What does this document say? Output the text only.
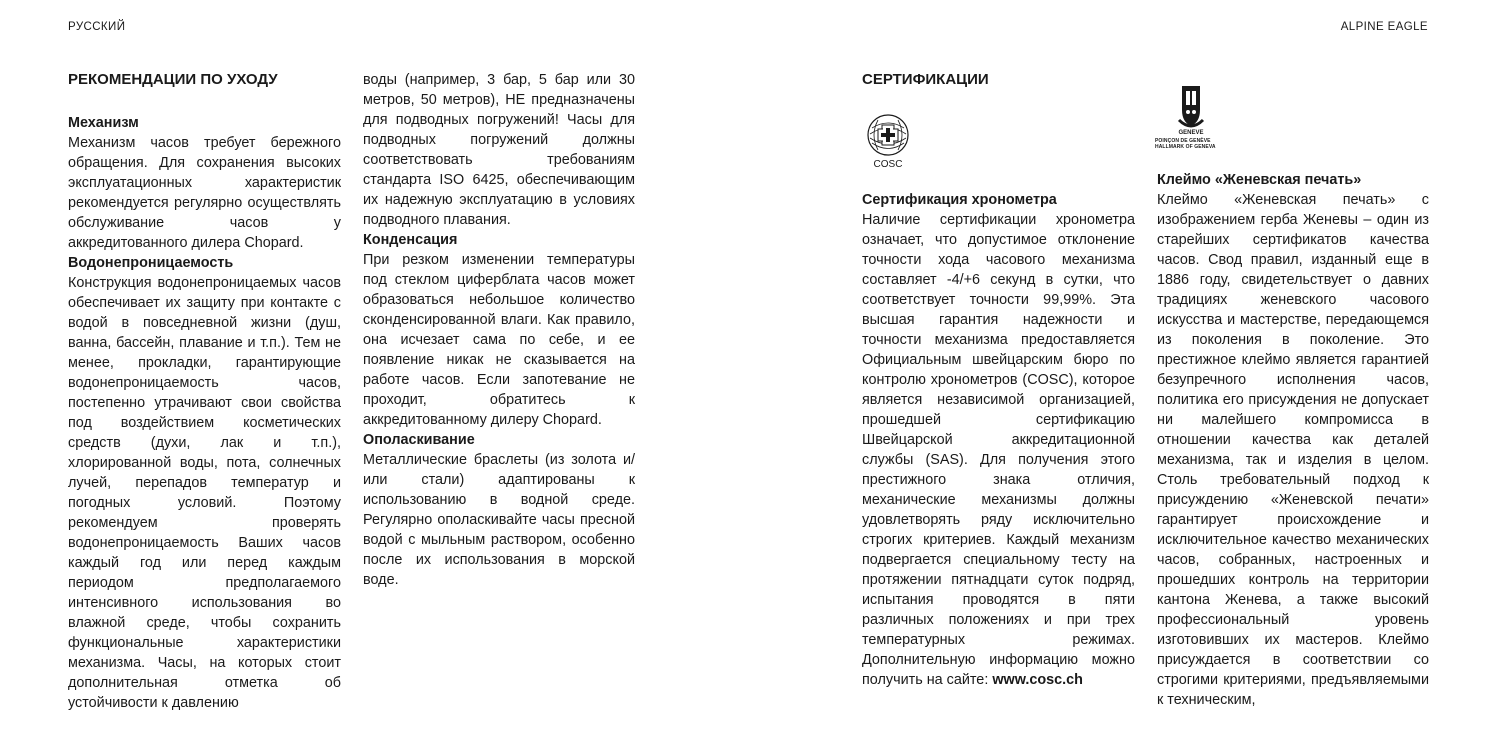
РУССКИЙ	ALPINE EAGLE
РЕКОМЕНДАЦИИ ПО УХОДУ
Механизм

Механизм часов требует бережного обращения. Для сохранения высоких эксплуатационных характеристик рекомендуется регулярно осуществлять обслуживание часов у аккредитованного дилера Chopard.

Водонепроницаемость

Конструкция водонепроницаемых часов обеспечивает их защиту при контакте с водой в повседневной жизни (душ, ванна, бассейн, плавание и т.п.). Тем не менее, прокладки, гарантирующие водонепроницаемость часов, постепенно утрачивают свои свойства под воздействием косметических средств (духи, лак и т.п.), хлорированной воды, пота, солнечных лучей, перепадов температур и погодных условий. Поэтому рекомендуем проверять водонепроницаемость Ваших часов каждый год или перед каждым периодом предполагаемого интенсивного использования во влажной среде, чтобы сохранить функциональные характеристики механизма. Часы, на которых стоит дополнительная отметка об устойчивости к давлению

воды (например, 3 бар, 5 бар или 30 метров, 50 метров), НЕ предназначены для подводных погружений! Часы для подводных погружений должны соответствовать требованиям стандарта ISO 6425, обеспечивающим их надежную эксплуатацию в условиях подводного плавания.

Конденсация

При резком изменении температуры под стеклом циферблата часов может образоваться небольшое количество сконденсированной влаги. Как правило, она исчезает сама по себе, и ее появление никак не сказывается на работе часов. Если запотевание не проходит, обратитесь к аккредитованному дилеру Chopard.

Ополаскивание

Металлические браслеты (из золота и/или стали) адаптированы к использованию в водной среде. Регулярно ополаскивайте часы пресной водой с мыльным раствором, особенно после их использования в морской воде.

СЕРТИФИКАЦИИ
COSC
GENEVE
POINÇON DE GENÈVE
HALLMARK OF GENEVA
Сертификация хронометра

Наличие сертификации хронометра означает, что допустимое отклонение точности хода часового механизма составляет -4/+6 секунд в сутки, что соответствует точности 99,99%. Эта высшая гарантия надежности и точности механизма предоставляется Официальным швейцарским бюро по контролю хронометров (COSC), которое является независимой организацией, прошедшей сертификацию Швейцарской аккредитационной службы (SAS). Для получения этого престижного знака отличия, механические механизмы должны удовлетворять ряду исключительно строгих критериев. Каждый механизм подвергается специальному тесту на протяжении пятнадцати суток подряд, испытания проводятся в пяти различных положениях и при трех температурных режимах. Дополнительную информацию можно получить на сайте: www.cosc.ch

Клеймо «Женевская печать»

Клеймо «Женевская печать» с изображением герба Женевы – один из старейших сертификатов качества часов. Свод правил, изданный еще в 1886 году, свидетельствует о давних традициях женевского часового искусства и мастерстве, передающемся из поколения в поколение. Это престижное клеймо является гарантией безупречного исполнения часов, политика его присуждения не допускает ни малейшего компромисса в отношении качества как деталей механизма, так и изделия в целом. Столь требовательный подход к присуждению «Женевской печати» гарантирует происхождение и исключительное качество механических часов, собранных, настроенных и прошедших контроль на территории кантона Женева, а также высокий профессиональный уровень изготовивших их мастеров. Клеймо присуждается в соответствии со строгими критериями, предъявляемыми к техническим,
